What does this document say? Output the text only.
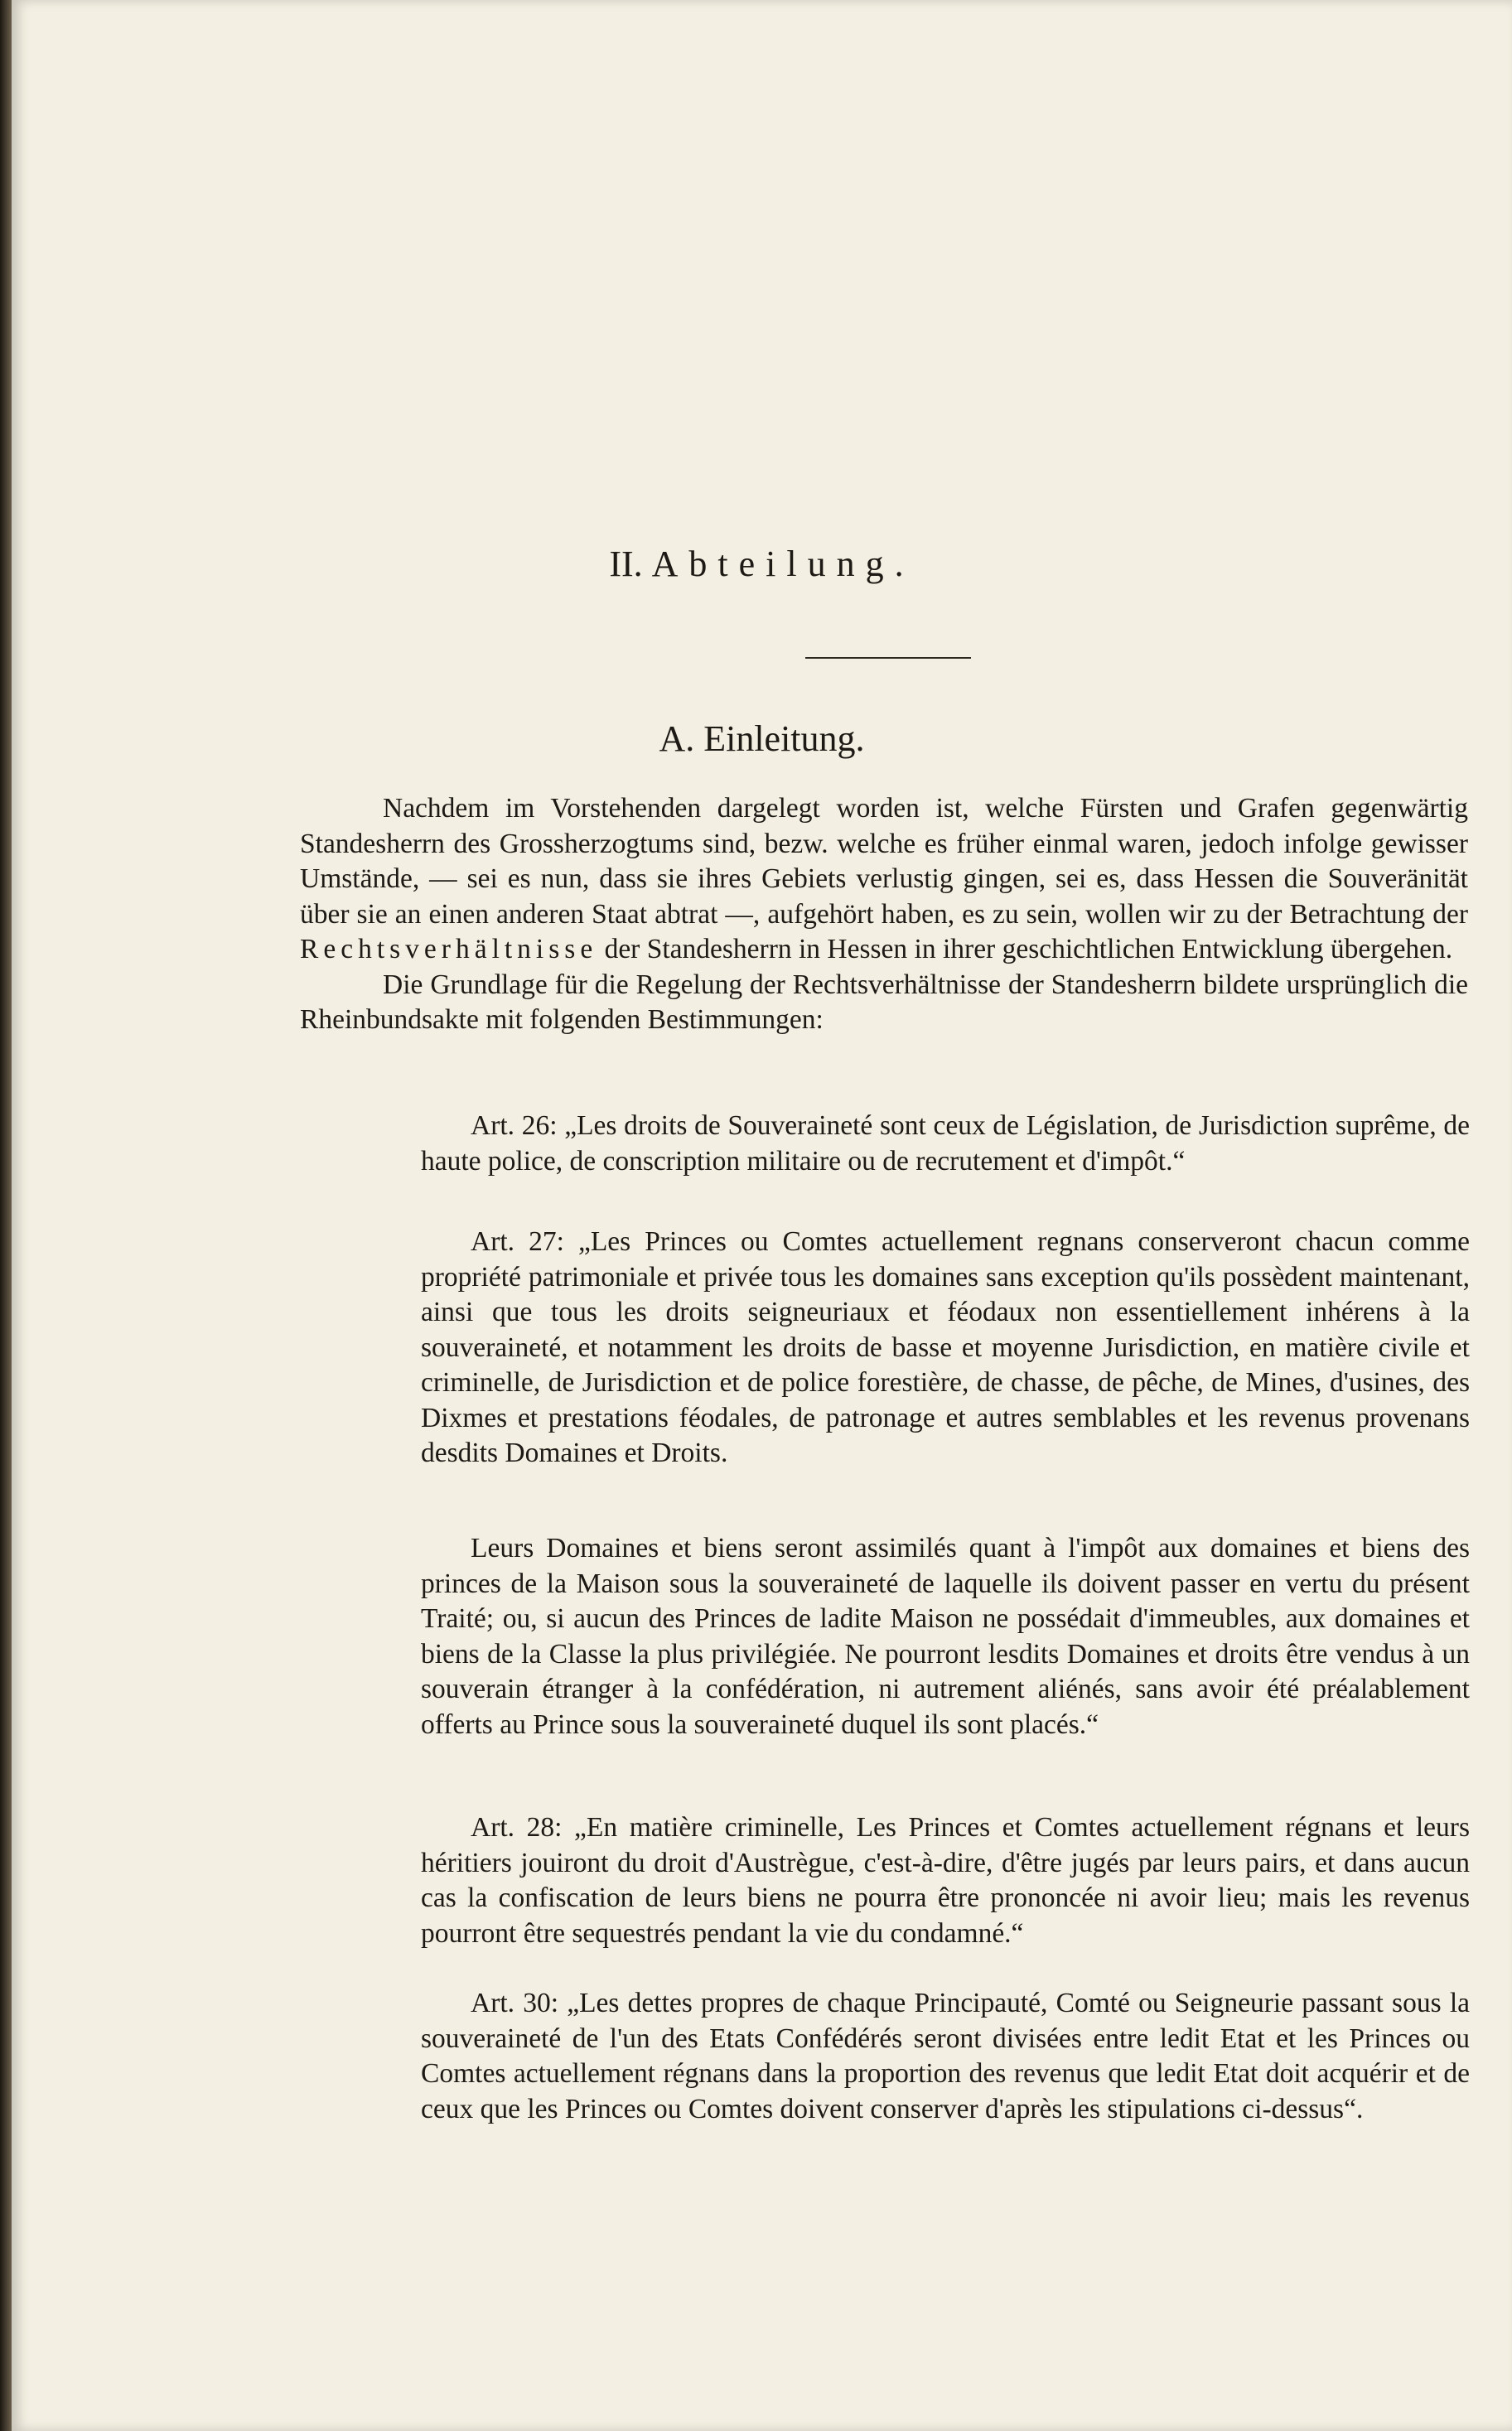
II. Abteilung.
A. Einleitung.

Nachdem im Vorstehenden dargelegt worden ist, welche Fürsten und Grafen gegenwärtig Standesherrn des Grossherzogtums sind, bezw. welche es früher einmal waren, jedoch infolge gewisser Umstände, — sei es nun, dass sie ihres Gebiets verlustig gingen, sei es, dass Hessen die Souveränität über sie an einen anderen Staat abtrat —, aufgehört haben, es zu sein, wollen wir zu der Betrachtung der Rechtsverhältnisse der Standesherrn in Hessen in ihrer geschichtlichen Entwicklung übergehen.

Die Grundlage für die Regelung der Rechtsverhältnisse der Standesherrn bildete ursprünglich die Rheinbundsakte mit folgenden Bestimmungen:

Art. 26: „Les droits de Souveraineté sont ceux de Législation, de Jurisdiction suprême, de haute police, de conscription militaire ou de recrutement et d'impôt.“

Art. 27: „Les Princes ou Comtes actuellement regnans conserveront chacun comme propriété patrimoniale et privée tous les domaines sans exception qu'ils possèdent maintenant, ainsi que tous les droits seigneuriaux et féodaux non essentiellement inhérens à la souveraineté, et notamment les droits de basse et moyenne Jurisdiction, en matière civile et criminelle, de Jurisdiction et de police forestière, de chasse, de pêche, de Mines, d'usines, des Dixmes et prestations féodales, de patronage et autres semblables et les revenus provenans desdits Domaines et Droits.

Leurs Domaines et biens seront assimilés quant à l'impôt aux domaines et biens des princes de la Maison sous la souveraineté de laquelle ils doivent passer en vertu du présent Traité; ou, si aucun des Princes de ladite Maison ne possédait d'immeubles, aux domaines et biens de la Classe la plus privilégiée. Ne pourront lesdits Domaines et droits être vendus à un souverain étranger à la confédération, ni autrement aliénés, sans avoir été préalablement offerts au Prince sous la souveraineté duquel ils sont placés.“

Art. 28: „En matière criminelle, Les Princes et Comtes actuellement régnans et leurs héritiers jouiront du droit d'Austrègue, c'est-à-dire, d'être jugés par leurs pairs, et dans aucun cas la confiscation de leurs biens ne pourra être prononcée ni avoir lieu; mais les revenus pourront être sequestrés pendant la vie du condamné.“

Art. 30: „Les dettes propres de chaque Principauté, Comté ou Seigneurie passant sous la souveraineté de l'un des Etats Confédérés seront divisées entre ledit Etat et les Princes ou Comtes actuellement régnans dans la proportion des revenus que ledit Etat doit acquérir et de ceux que les Princes ou Comtes doivent conserver d'après les stipulations ci-dessus“.
